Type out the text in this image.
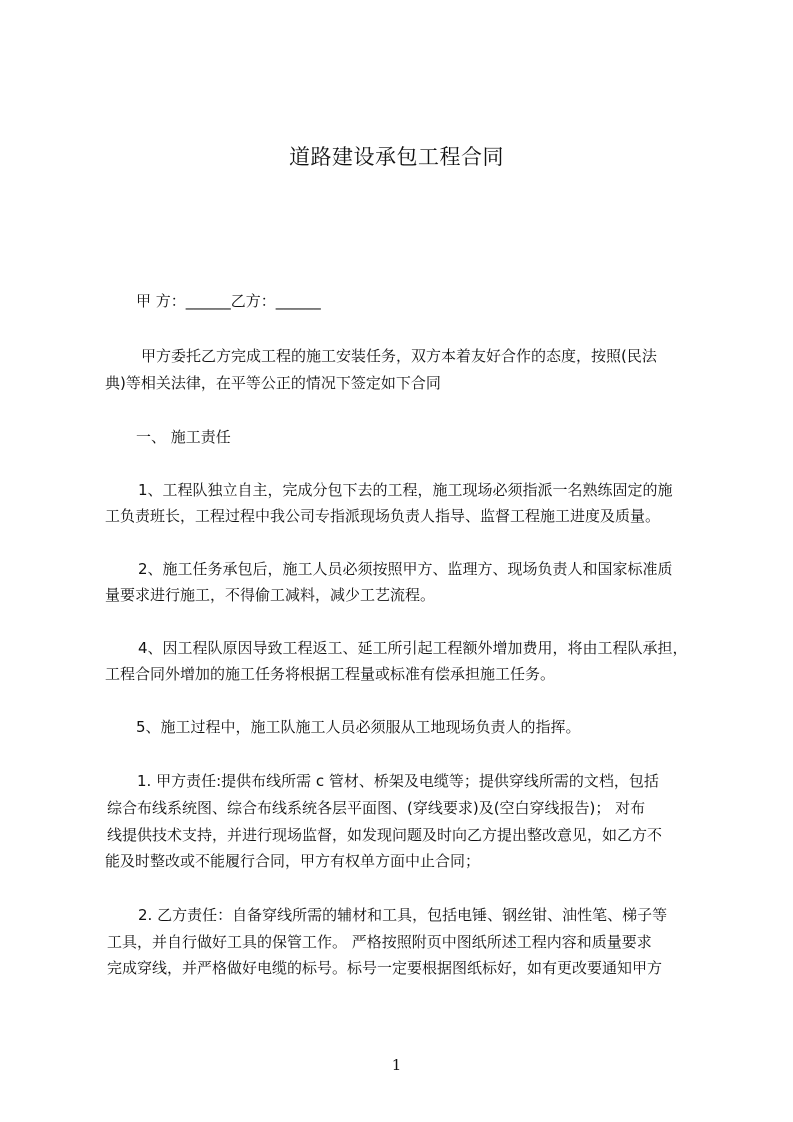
道路建设承包工程合同
甲 方：______乙方：______
甲方委托乙方完成工程的施工安装任务，双方本着友好合作的态度，按照(民法
典)等相关法律，在平等公正的情况下签定如下合同
一、 施工责任
1、工程队独立自主，完成分包下去的工程，施工现场必须指派一名熟练固定的施
工负责班长，工程过程中我公司专指派现场负责人指导、监督工程施工进度及质量。
2、施工任务承包后，施工人员必须按照甲方、监理方、现场负责人和国家标准质
量要求进行施工，不得偷工减料，减少工艺流程。
4、因工程队原因导致工程返工、延工所引起工程额外增加费用，将由工程队承担，
工程合同外增加的施工任务将根据工程量或标准有偿承担施工任务。
5、施工过程中，施工队施工人员必须服从工地现场负责人的指挥。
1. 甲方责任:提供布线所需 c 管材、桥架及电缆等；提供穿线所需的文档，包括
综合布线系统图、综合布线系统各层平面图、(穿线要求)及(空白穿线报告)； 对布
线提供技术支持，并进行现场监督，如发现问题及时向乙方提出整改意见，如乙方不
能及时整改或不能履行合同，甲方有权单方面中止合同；
2. 乙方责任：自备穿线所需的辅材和工具，包括电锤、钢丝钳、油性笔、梯子等
工具，并自行做好工具的保管工作。 严格按照附页中图纸所述工程内容和质量要求
完成穿线，并严格做好电缆的标号。标号一定要根据图纸标好，如有更改要通知甲方
1
